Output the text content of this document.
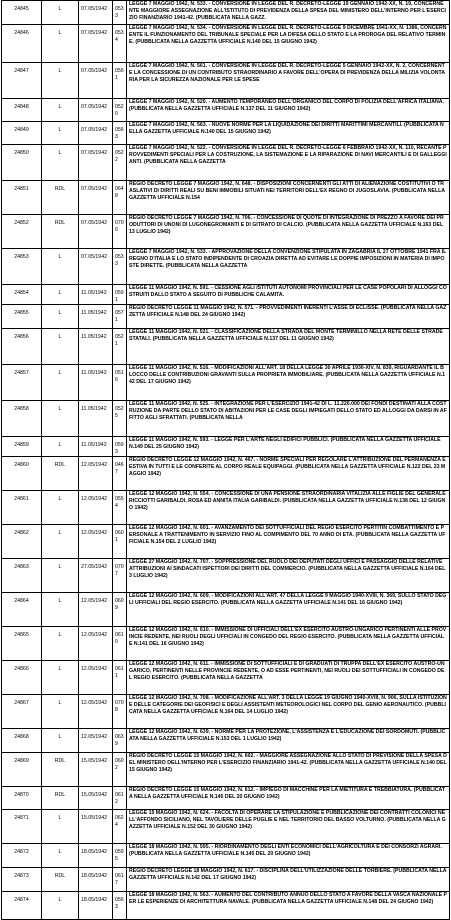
24845	L	07.05/1942	0533	LEGGE 7 MAGGIO 1942, N. 533. - CONVERSIONE IN LEGGE DEL R. DECRETO-LEGGE 19 GENNAIO 1942-XX, N. 19, CONCERNENTE MAGGIORE ASSEGNAZIONE ALL'ISTITUTO DI PREVIDENZA DELLA SPESA DEL MINISTERO DELL'INTERNO PER L'ESERCIZIO FINANZIARIO 1941-42. (PUBBLICATA NELLA GAZZ.
24846	L	07.05/1942	0534	LEGGE 7 MAGGIO 1942, N. 534. - CONVERSIONE IN LEGGE DEL R. DECRETO-LEGGE 9 DICEMBRE 1941-XX, N. 1386, CONCERNENTE IL FUNZIONAMENTO DEL TRIBUNALE SPECIALE PER LA DIFESA DELLO STATO E LA PROROGA DEL RELATIVO TERMINE. (PUBBLICATA NELLA GAZZETTA UFFICIALE N.140 DEL 15 GIUGNO 1942)
24847	L	07.05/1942	0561	LEGGE 7 MAGGIO 1942, N. 561. - CONVERSIONE IN LEGGE DEL R. DECRETO-LEGGE 5 GENNAIO 1942-XX, N. 2, CONCERNENTE LA CONCESSIONE DI UN CONTRIBUTO STRAORDINARIO A FAVORE DELL'OPERA DI PREVIDENZA DELLA MILIZIA VOLONTARIA PER LA SICUREZZA NAZIONALE PER LE SPESE
24848	L	07.05/1942	0520	LEGGE 7 MAGGIO 1942, N. 520. - AUMENTO TEMPORANEO DELL'ORGANICO DEL CORPO DI POLIZIA DELL'AFRICA ITALIANA. (PUBBLICATA NELLA GAZZETTA UFFICIALE N.137 DEL 11 GIUGNO 1942)
24849	L	07.05/1942	0563	LEGGE 7 MAGGIO 1942, N. 563. - NUOVE NORME PER LA LIQUIDAZIONE DEI DIRITTI MARITTIMI MERCANTILI. (PUBBLICATA NELLA GAZZETTA UFFICIALE N.140 DEL 15 GIUGNO 1942)
24850	L	07.05/1942	0522	LEGGE 7 MAGGIO 1942, N. 522. - CONVERSIONE IN LEGGE DEL R. DECRETO-LEGGE 6 FEBBRAIO 1942-XX, N. 110, RECANTE PROVVEDIMENTI SPECIALI PER LA COSTRUZIONE, LA SISTEMAZIONE E LA RIPARAZIONE DI NAVI MERCANTILI E DI GALLEGGIANTI. (PUBBLICATA NELLA GAZZETTA
24851	RDL	07.05/1942	0648	REGIO DECRETO LEGGE 7 MAGGIO 1942, N. 648. - DISPOSIZIONI CONCERNENTI GLI ATTI DI ALIENAZIONE COSTITUTIVI O TRASLATIVI DI DIRITTI REALI SU BENI IMMOBILI SITUATI NEI TERRITORI DELL'EX REGNO DI JUGOSLAVIA. (PUBBLICATA NELLA GAZZETTA UFFICIALE N.154
24852	RDL	07.05/1942	0706	REGIO DECRETO LEGGE 7 MAGGIO 1942, N. 706. - CONCESSIONE DI QUOTE DI INTEGRAZIONE DI PREZZO A FAVORE DEI PRODUTTORI DI UNONI DI LUGONEGROMANTI E DI GITRATO DI CALCIO. (PUBBLICATA NELLA GAZZETTA UFFICIALE N.163 DEL 13 LUGLIO 1942)
24853	L	07.05/1942	0533	LEGGE 7 MAGGIO 1942, N. 533. - APPROVAZIONE DELLA CONVENZIONE STIPULATA IN ZAGABRIA IL 27 OTTOBRE 1941 FRA IL REGNO D'ITALIA E LO STATO INDIPENDENTE DI CROAZIA DIRETTA AD EVITARE LE DOPPIE IMPOSIZIONI IN MATERIA DI IMPOSTE DIRETTE. (PUBBLICATA NELLA GAZZETTA
24854	L	11.05/1942	0591	LEGGE 11 MAGGIO 1942, N. 591. - CESSIONE AGLI ISTITUTI AUTONOMI PROVINCIALI PER LE CASE POPOLARI DI ALLOGGI COSTRUITI DALLO STATO A SEGUITO DI PUBBLICHE CALAMITA.
24855	L	11.05/1942	0571	REGIO DECRETO LEGGE 11 MAGGIO 1942, N. 571. - PROVVEDIMENTI INERENTI L'ASSE DI ECLISSE. (PUBBLICATA NELLA GAZZETTA UFFICIALE N.148 DEL 24 GIUGNO 1942)
24856	L	11.05/1942	0521	LEGGE 11 MAGGIO 1942, N. 521. - CLASSIFICAZIONE DELLA STRADA DEL MONTE TERMINILLO NELLA RETE DELLE STRADE STATALI. (PUBBLICATA NELLA GAZZETTA UFFICIALE N.137 DEL 11 GIUGNO 1942)
24857	L	11.05/1942	0516	LEGGE 11 MAGGIO 1942, N. 516. - MODIFICAZIONI ALL'ART. 18 DELLA LEGGE 30 APRILE 1936-XIV, N. 839, RIGUARDANTE IL BLOCCO DELLE CONTRIBUZIONI GRAVANTI SULLA PROPRIETA IMMOBILIARE. (PUBBLICATA NELLA GAZZETTA UFFICIALE N.142 DEL 17 GIUGNO 1942)
24858	L	11.05/1942	0525	LEGGE 11 MAGGIO 1942, N. 525. - INTEGRAZIONE PER L'ESERCIZIO 1941-42 DI L. 11.220.000 DEI FONDI DESTINATI ALLA COSTRUZIONE DA PARTE DELLO STATO DI ABITAZIONI PER LE CASE DEGLI IMPIEGATI DELLO STATO ED ALLOGGI DA DARSI IN AFFITTO AGLI SFRATTATI. (PUBBLICATA NELLA
24859	L	11.05/1942	0593	LEGGE 11 MAGGIO 1942, N. 593. - LEGGE PER L'ARTE NEGLI EDIFICI PUBBLICI. (PUBBLICATA NELLA GAZZETTA UFFICIALE N.149 DEL 25 GIUGNO 1942)
24860	RDL	12.05/1942	0467	REGIO DECRETO LEGGE 12 MAGGIO 1942, N. 467. - NORME SPECIALI PER REGOLARE L'ATTRIBUZIONE DEL PERMANENZA E ESTIVA IN TUTTI E LE CONFERITE AL CORPO REALE EQUIPAGGI. (PUBBLICATA NELLA GAZZETTA UFFICIALE N.122 DEL 23 MAGGIO 1942)
24861	L	12.05/1942	0554	LEGGE 12 MAGGIO 1942, N. 554. - CONCESSIONE DI UNA PENSIONE STRAORDINARIA VITALIZIA ALLE FIGLIE DEL GENERALE RICCIOTTI GARIBALDI, ROSA ED ANNITA ITALIA GARIBALDI. (PUBBLICATA NELLA GAZZETTA UFFICIALE N.138 DEL 12 GIUGNO 1942)
24862	L	12.05/1942	0601	LEGGE 12 MAGGIO 1942, N. 601. - AVANZAMENTO DEI SOTTUFFICIALI DEL REGIO ESERCITO PERTITIN COMBATTIMENTO E PERSONALE A TRATTENIMENTO IN SERVIZIO FINO AL COMPIMENTO DEL 70 ANNO DI ETA. (PUBBLICATA NELLA GAZZETTA UFFICIALE N.154 DEL 2 LUGLIO 1942)
24863	L	27.05/1942	0707	LEGGE 27 MAGGIO 1942, N. 707. - SOPPRESSIONE DEL RUOLO DEI DEPUTATI DEGLI UFFICI E PASSAGGIO DELLE RELATIVE ATTRIBUZIONI AI SINDACATI ISPETTORI DEI DIRITTI DEL COMMERCIO. (PUBBLICATA NELLA GAZZETTA UFFICIALE N.164 DEL 3 LUGLIO 1942)
24864	L	12.05/1942	0609	LEGGE 12 MAGGIO 1942, N. 609. - MODIFICAZIONI ALL'ART. 47 DELLA LEGGE 9 MAGGIO 1940-XVIII, N. 369, SULLO STATO DEGLI UFFICIALI DEL REGIO ESERCITO. (PUBBLICATA NELLA GAZZETTA UFFICIALE N.141 DEL 16 GIUGNO 1942)
24865	L	12.05/1942	0610	LEGGE 12 MAGGIO 1942, N. 610. - IMMISSIONE DI UFFICIALI DELL'EX ESERCITO AUSTRO-UNGARICO PERTINENTI ALLE PROVINCIE REDENTE, NEI RUOLI DEGLI UFFICIALI IN CONGEDO DEL REGIO ESERCITO. (PUBBLICATA NELLA GAZZETTA UFFICIALE N.141 DEL 16 GIUGNO 1942)
24866	L	12.05/1942	0611	LEGGE 12 MAGGIO 1942, N. 611. - IMMISSIONE DI SOTTUFFICIALI E DI GRADUATI DI TRUPPA DELL'EX ESERCITO AUSTRO-UNGARICO, PERTINENTI NELLE PROVINCIE REDENTE, O AD ESSE PERTINENTI, NEI RUOLI DEI SOTTUFFICIALI IN CONGEDO DEL REGIO ESERCITO. (PUBBLICATA NELLA GAZZETTA
24867	L	12.05/1942	0708	LEGGE 12 MAGGIO 1942, N. 708. - MODIFICAZIONE ALL'ART. 3 DELLA LEGGE 19 GIUGNO 1940-XVIII, N. 906, SULLA ISTITUZIONE DELLE CATEGORIE DEI GEOFISICI E DEGLI ASSISTENTI METEOROLOGICI NEL CORPO DEL GENIO AERONAUTICO. (PUBBLICATA NELLA GAZZETTA UFFICIALE N.164 DEL 14 LUGLIO 1942)
24868	L	12.05/1942	0639	LEGGE 12 MAGGIO 1942, N. 639. - NORME PER LA PROTEZIONE, L'ASSISTENZA E L'EDUCAZIONE DEI SORDOMUTI. (PUBBLICATA NELLA GAZZETTA UFFICIALE N.153 DEL 1 LUGLIO 1942)
24869	RDL	15.05/1942	0602	REGIO DECRETO LEGGE 15 MAGGIO 1942, N. 602. - MAGGIORE ASSEGNAZIONE ALLO STATO DI PREVISIONE DELLA SPESA DEL MINISTERO DELL'INTERNO PER L'ESERCIZIO FINANZIARIO 1941-42. (PUBBLICATA NELLA GAZZETTA UFFICIALE N.140 DEL 15 GIUGNO 1942)
24870	RDL	15.05/1942	0612	REGIO DECRETO LEGGE 15 MAGGIO 1942, N. 612. - IMPIEGO DI MACCHINE PER LA MIETITURA E TREBBIATURA. (PUBBLICATA NELLA GAZZETTA UFFICIALE N.145 DEL 20 GIUGNO 1942)
24871	L	15.05/1942	0624	LEGGE 15 MAGGIO 1942, N. 624. - FACOLTA DI OPERARE LA STIPULAZIONE E PUBBLICAZIONE DEI CONTRATTI COLONICI NELL'AFFONDO SICILIANO, NEL TAVOLIERE DELLE PUGLIE E NEL TERRITORIO DEL BASSO VOLTURNO. (PUBBLICATA NELLA GAZZETTA UFFICIALE N.152 DEL 30 GIUGNO 1942)
24872	L	18.05/1942	0595	LEGGE 18 MAGGIO 1942, N. 595. - RIORDINAMENTO DEGLI ENTI ECONOMICI DELL'AGRICOLTURA E DEI CONSORZI AGRARI. (PUBBLICATA NELLA GAZZETTA UFFICIALE N.145 DEL 20 GIUGNO 1942)
24873	RDL	18.05/1942	0617	REGIO DECRETO LEGGE 18 MAGGIO 1942, N. 617. - DISCIPLINA DELL'UTILIZZAZIONE DELLE TORBIERE. (PUBBLICATA NELLA GAZZETTA UFFICIALE N.142 DEL 17 GIUGNO 1942)
24874	L	18.05/1942	0563	LEGGE 18 MAGGIO 1942, N. 563. - AUMENTO DEL CONTRIBUTO ANNUO DELLO STATO A FAVORE DELLA VASCA NAZIONALE PER LE ESPERIENZE DI ARCHITETTURA NAVALE. (PUBBLICATA NELLA GAZZETTA UFFICIALE N.148 DEL 24 GIUGNO 1942)
